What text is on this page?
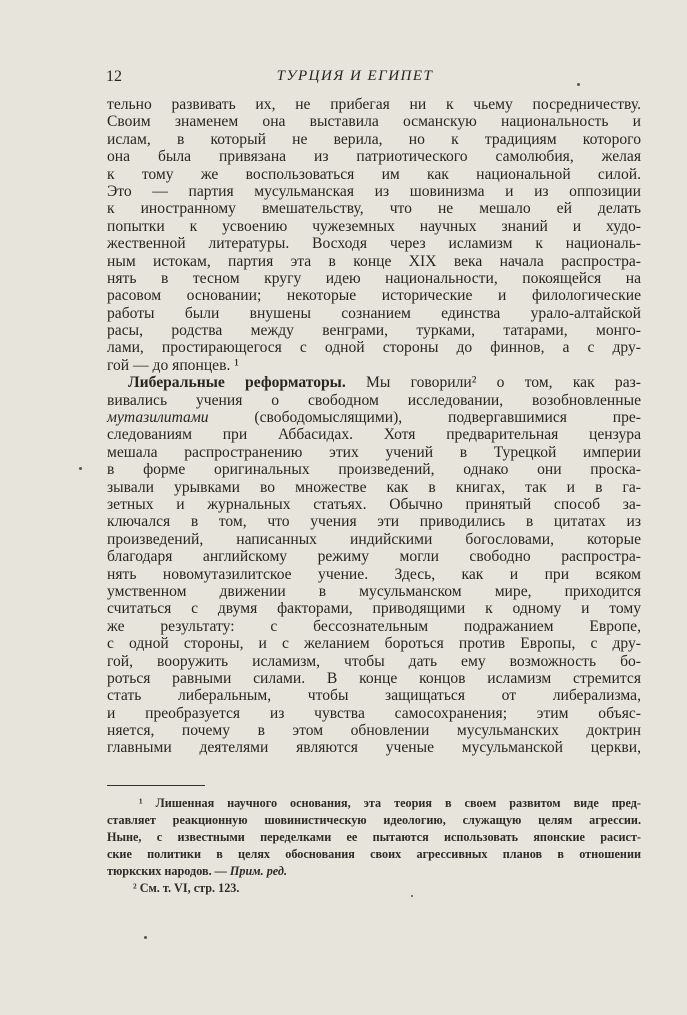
12	ТУРЦИЯ И ЕГИПЕТ
тельно развивать их, не прибегая ни к чьему посредничеству.
Своим знаменем она выставила османскую национальность и
ислам, в который не верила, но к традициям которого
она была привязана из патриотического самолюбия, желая
к тому же воспользоваться им как национальной силой.
Это — партия мусульманская из шовинизма и из оппозиции
к иностранному вмешательству, что не мешало ей делать
попытки к усвоению чужеземных научных знаний и худо-
жественной литературы. Восходя через исламизм к националь-
ным истокам, партия эта в конце XIX века начала распростра-
нять в тесном кругу идею национальности, покоящейся на
расовом основании; некоторые исторические и филологические
работы были внушены сознанием единства урало-алтайской
расы, родства между венграми, турками, татарами, монго-
лами, простирающегося с одной стороны до финнов, а с дру-
гой — до японцев. ¹
Либеральные реформаторы. Мы говорили² о том, как раз-
вивались учения о свободном исследовании, возобновленные
мутазилитами	(свободомыслящими), подвергавшимися пре-
следованиям при Аббасидах. Хотя предварительная цензура
мешала распространению этих учений в Турецкой империи
в форме оригинальных произведений, однако они проска-
зывали урывками во множестве как в книгах, так и в га-
зетных и журнальных статьях. Обычно принятый способ за-
ключался в том, что учения эти приводились в цитатах из
произведений, написанных индийскими богословами, которые
благодаря английскому режиму могли свободно распростра-
нять новомутазилитское учение. Здесь, как и при всяком
умственном движении в мусульманском мире, приходится
считаться с двумя факторами, приводящими к одному и тому
же результату: с бессознательным подражанием Европе,
с одной стороны, и с желанием бороться против Европы, с дру-
гой, вооружить исламизм, чтобы дать ему возможность бо-
роться равными силами. В конце концов исламизм стремится
стать либеральным, чтобы защищаться от либерализма,
и преобразуется из чувства самосохранения; этим объяс-
няется, почему в этом обновлении мусульманских доктрин
главными деятелями являются ученые мусульманской церкви,
¹ Лишенная научного основания, эта теория в своем развитом виде пред-
ставляет реакционную шовинистическую идеологию, служащую целям агрессии.
Ныне, с известными переделками ее пытаются использовать японские расист-
ские политики в целях обоснования своих агрессивных планов в отношении
тюркских народов. — Прим. ред.
² См. т. VI, стр. 123.
